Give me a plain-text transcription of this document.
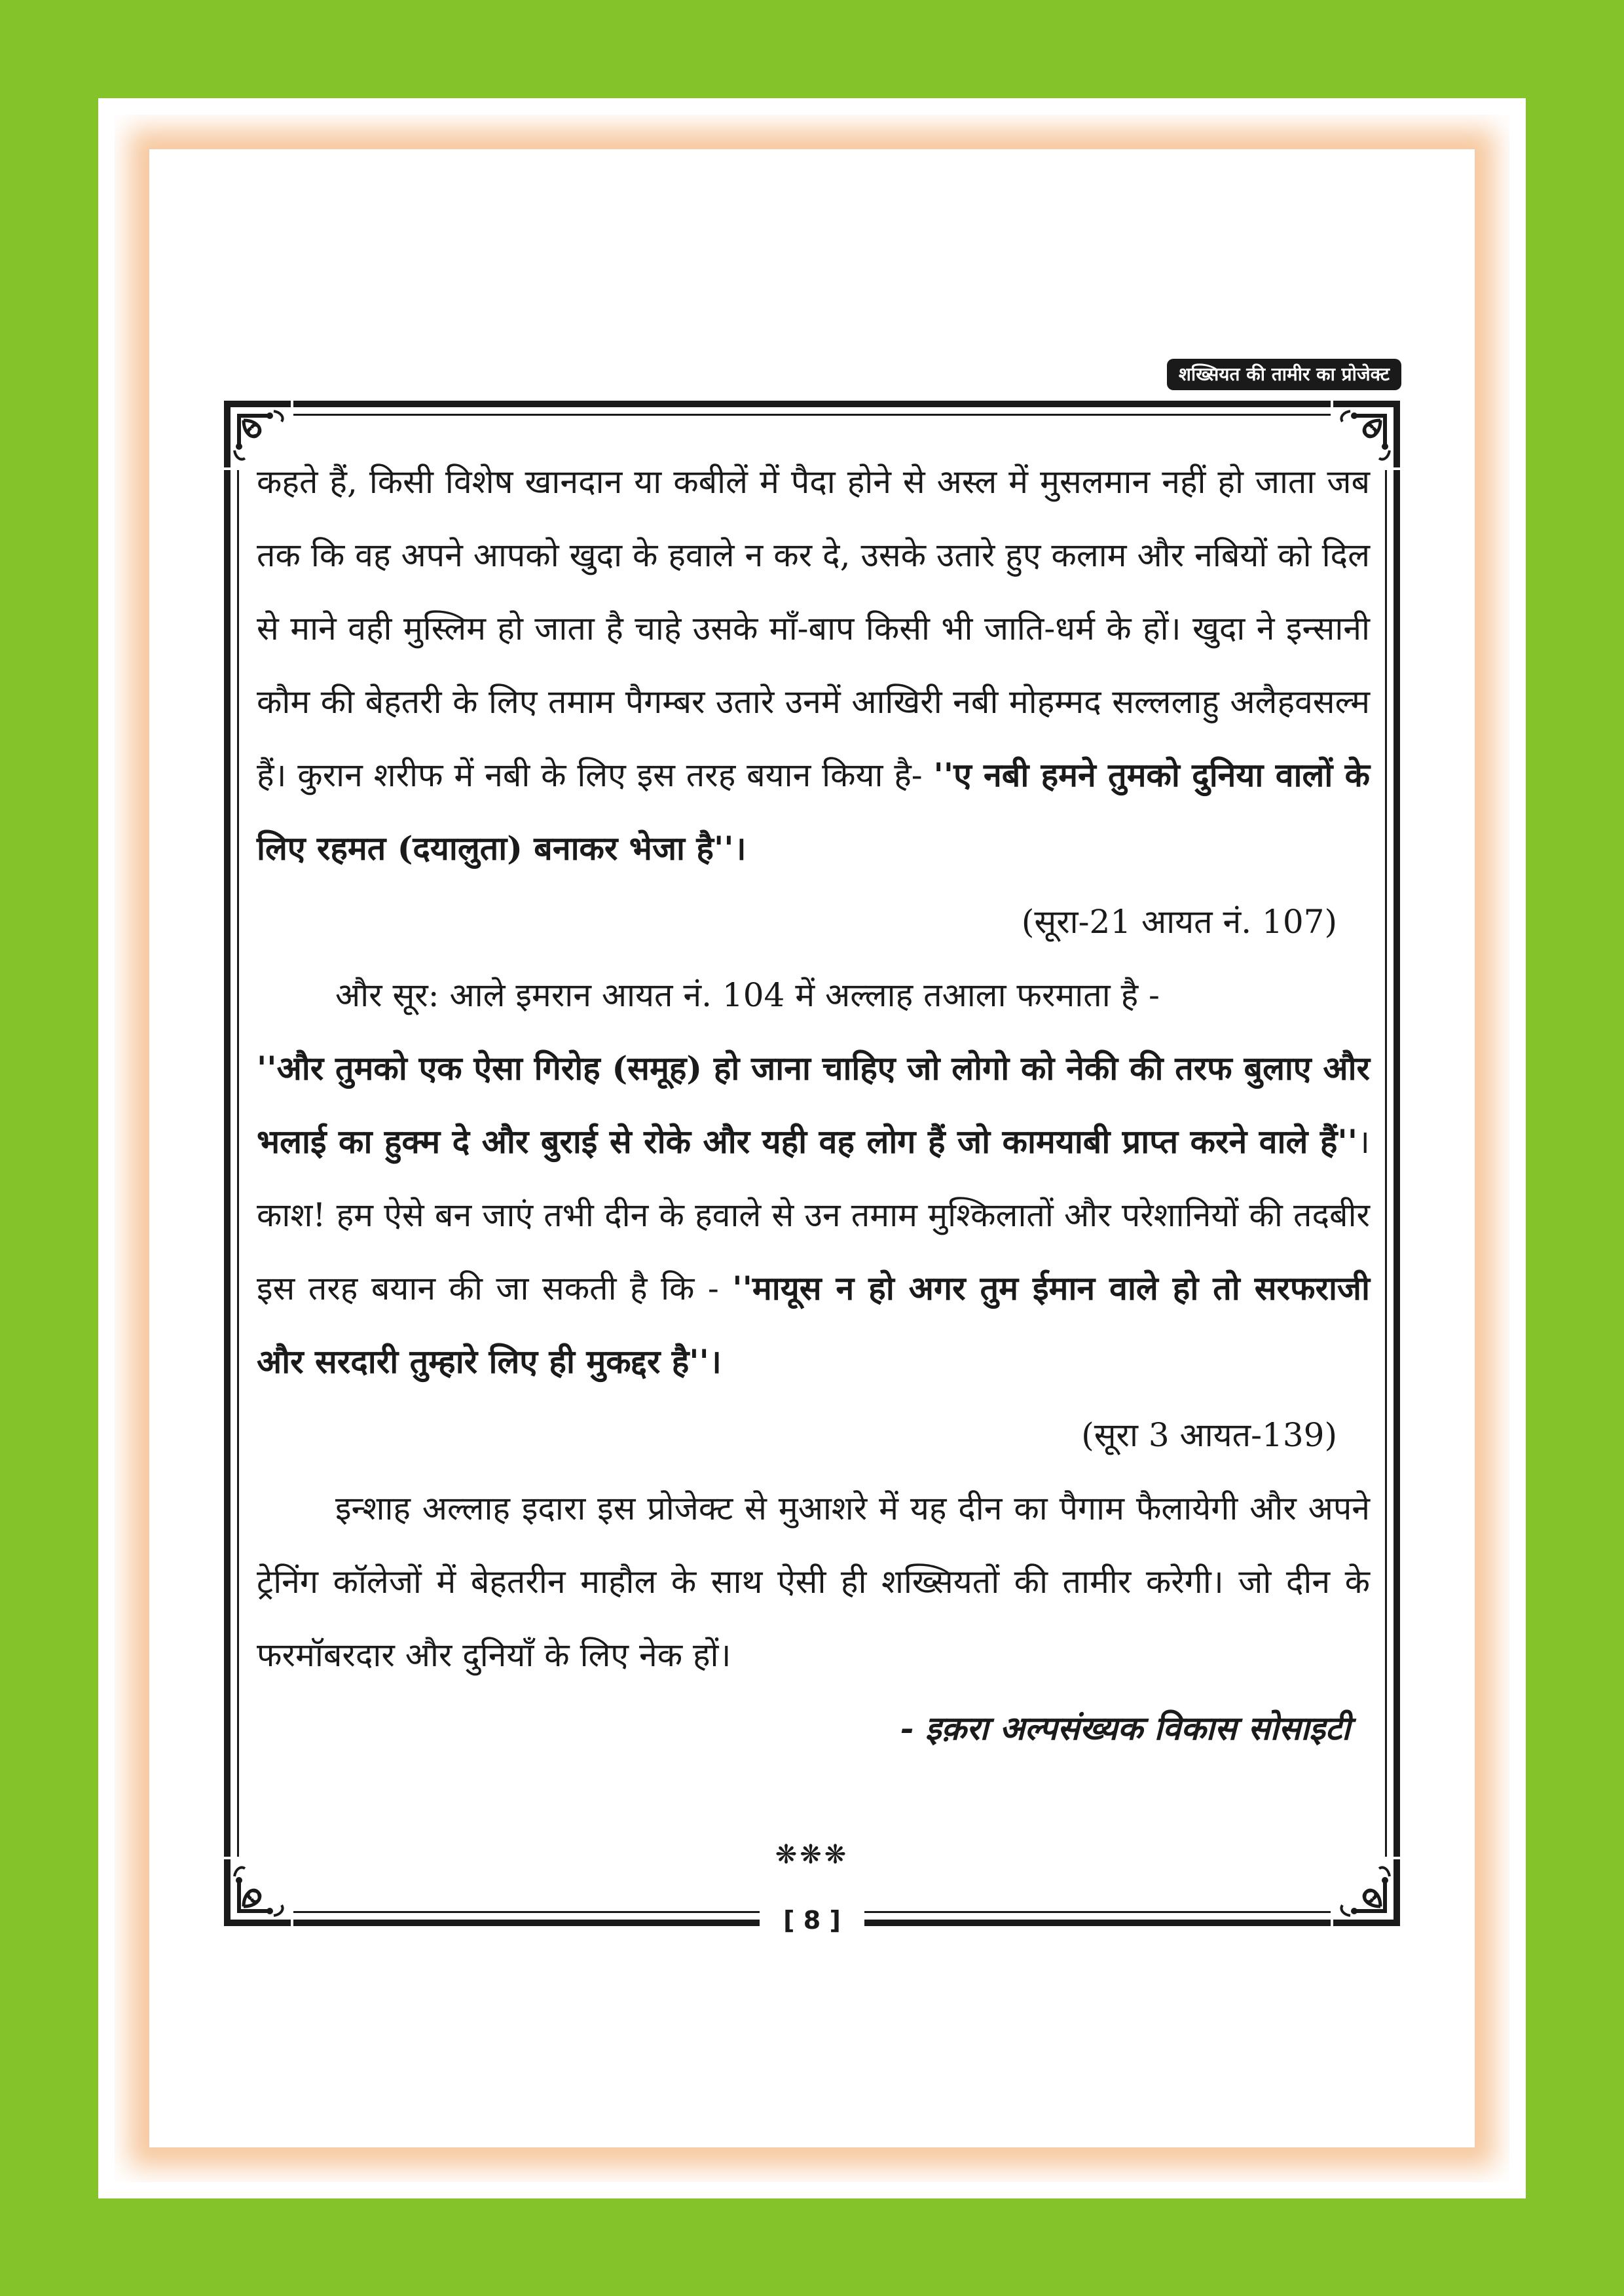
शख्सियत की तामीर का प्रोजेक्ट

कहते हैं, किसी विशेष खानदान या कबीलें में पैदा होने से अस्ल में मुसलमान नहीं हो जाता जब तक कि वह अपने आपको खुदा के हवाले न कर दे, उसके उतारे हुए कलाम और नबियों को दिल से माने वही मुस्लिम हो जाता है चाहे उसके माँ-बाप किसी भी जाति-धर्म के हों। खुदा ने इन्सानी कौम की बेहतरी के लिए तमाम पैगम्बर उतारे उनमें आखिरी नबी मोहम्मद सल्ललाहु अलैहवसल्म हैं। कुरान शरीफ में नबी के लिए इस तरह बयान किया है- ''ए नबी हमने तुमको दुनिया वालों के लिए रहमत (दयालुता) बनाकर भेजा है''।

(सूरा-21 आयत नं. 107)

और सूर: आले इमरान आयत नं. 104 में अल्लाह तआला फरमाता है -

''और तुमको एक ऐसा गिरोह (समूह) हो जाना चाहिए जो लोगो को नेकी की तरफ बुलाए और भलाई का हुक्म दे और बुराई से रोके और यही वह लोग हैं जो कामयाबी प्राप्त करने वाले हैं''। काश! हम ऐसे बन जाएं तभी दीन के हवाले से उन तमाम मुश्किलातों और परेशानियों की तदबीर इस तरह बयान की जा सकती है कि - ''मायूस न हो अगर तुम ईमान वाले हो तो सरफराजी और सरदारी तुम्हारे लिए ही मुकद्दर है''।

(सूरा 3 आयत-139)

इन्शाह अल्लाह इदारा इस प्रोजेक्ट से मुआशरे में यह दीन का पैगाम फैलायेगी और अपने ट्रेनिंग कॉलेजों में बेहतरीन माहौल के साथ ऐसी ही शख्सियतों की तामीर करेगी। जो दीन के फरमॉबरदार और दुनियाँ के लिए नेक हों।

- इक़रा अल्पसंख्यक विकास सोसाइटी

❋❋❋
[ 8 ]
